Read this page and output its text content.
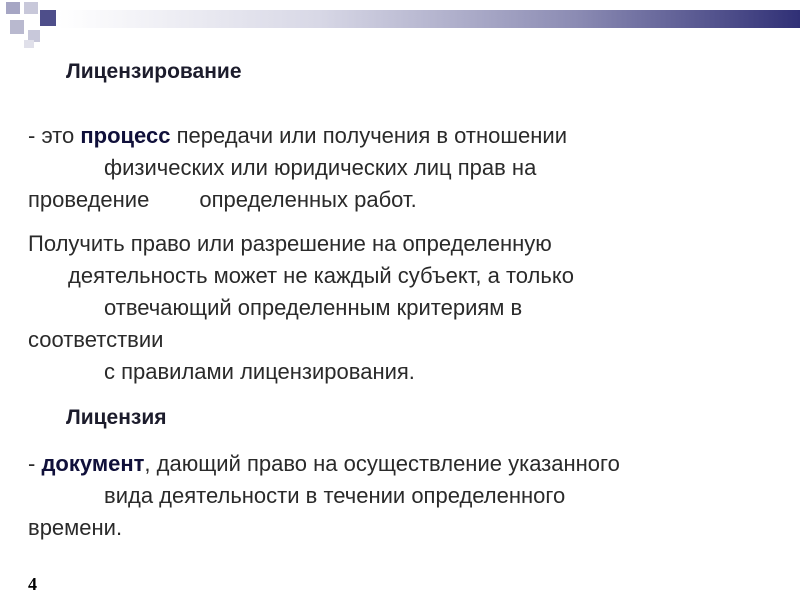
Лицензирование
- это процесс передачи или получения в отношении
физических или юридических лиц прав на
проведение определенных работ.
Получить право или разрешение на определенную
деятельность может не каждый субъект, а только
отвечающий определенным критериям в
соответствии
с правилами лицензирования.
Лицензия
- документ, дающий право на осуществление указанного
вида деятельности в течении определенного
времени.
4
